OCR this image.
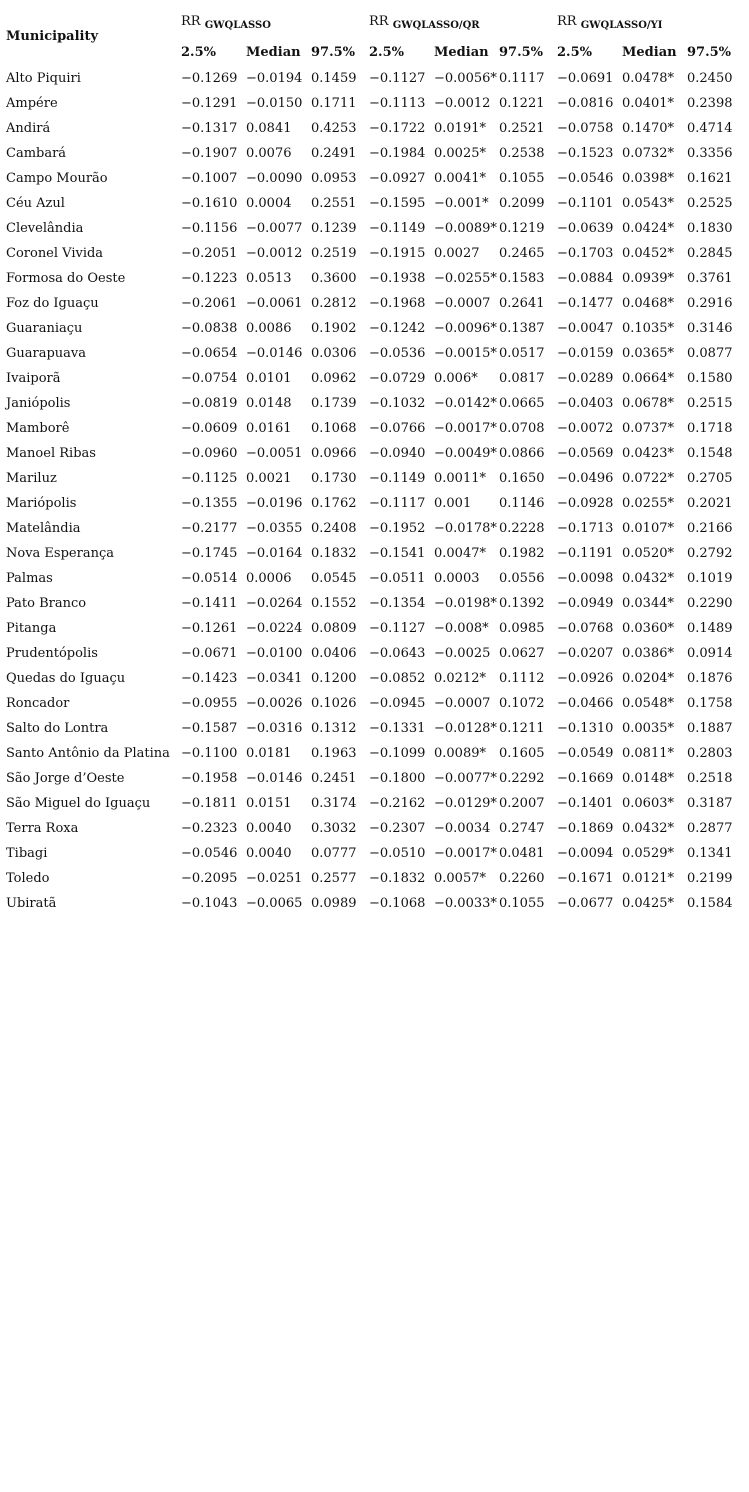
Municipality	RR $_{GWQLASSO}$			RR $_{GWQLASSO/QR}$			RR $_{GWQLASSO/YI}$
	2.5%	Median	97.5%	2.5%	Median	97.5%	2.5%	Median	97.5%
Alto Piquiri	−0.1269	−0.0194	0.1459	−0.1127	−0.0056*	0.1117	−0.0691	0.0478*	0.2450
Ampére	−0.1291	−0.0150	0.1711	−0.1113	−0.0012	0.1221	−0.0816	0.0401*	0.2398
Andirá	−0.1317	0.0841	0.4253	−0.1722	0.0191*	0.2521	−0.0758	0.1470*	0.4714
Cambará	−0.1907	0.0076	0.2491	−0.1984	0.0025*	0.2538	−0.1523	0.0732*	0.3356
Campo Mourão	−0.1007	−0.0090	0.0953	−0.0927	0.0041*	0.1055	−0.0546	0.0398*	0.1621
Céu Azul	−0.1610	0.0004	0.2551	−0.1595	−0.001*	0.2099	−0.1101	0.0543*	0.2525
Clevelândia	−0.1156	−0.0077	0.1239	−0.1149	−0.0089*	0.1219	−0.0639	0.0424*	0.1830
Coronel Vivida	−0.2051	−0.0012	0.2519	−0.1915	0.0027	0.2465	−0.1703	0.0452*	0.2845
Formosa do Oeste	−0.1223	0.0513	0.3600	−0.1938	−0.0255*	0.1583	−0.0884	0.0939*	0.3761
Foz do Iguaçu	−0.2061	−0.0061	0.2812	−0.1968	−0.0007	0.2641	−0.1477	0.0468*	0.2916
Guaraniaçu	−0.0838	0.0086	0.1902	−0.1242	−0.0096*	0.1387	−0.0047	0.1035*	0.3146
Guarapuava	−0.0654	−0.0146	0.0306	−0.0536	−0.0015*	0.0517	−0.0159	0.0365*	0.0877
Ivaiporã	−0.0754	0.0101	0.0962	−0.0729	0.006*	0.0817	−0.0289	0.0664*	0.1580
Janiópolis	−0.0819	0.0148	0.1739	−0.1032	−0.0142*	0.0665	−0.0403	0.0678*	0.2515
Mamborê	−0.0609	0.0161	0.1068	−0.0766	−0.0017*	0.0708	−0.0072	0.0737*	0.1718
Manoel Ribas	−0.0960	−0.0051	0.0966	−0.0940	−0.0049*	0.0866	−0.0569	0.0423*	0.1548
Mariluz	−0.1125	0.0021	0.1730	−0.1149	0.0011*	0.1650	−0.0496	0.0722*	0.2705
Mariópolis	−0.1355	−0.0196	0.1762	−0.1117	0.001	0.1146	−0.0928	0.0255*	0.2021
Matelândia	−0.2177	−0.0355	0.2408	−0.1952	−0.0178*	0.2228	−0.1713	0.0107*	0.2166
Nova Esperança	−0.1745	−0.0164	0.1832	−0.1541	0.0047*	0.1982	−0.1191	0.0520*	0.2792
Palmas	−0.0514	0.0006	0.0545	−0.0511	0.0003	0.0556	−0.0098	0.0432*	0.1019
Pato Branco	−0.1411	−0.0264	0.1552	−0.1354	−0.0198*	0.1392	−0.0949	0.0344*	0.2290
Pitanga	−0.1261	−0.0224	0.0809	−0.1127	−0.008*	0.0985	−0.0768	0.0360*	0.1489
Prudentópolis	−0.0671	−0.0100	0.0406	−0.0643	−0.0025	0.0627	−0.0207	0.0386*	0.0914
Quedas do Iguaçu	−0.1423	−0.0341	0.1200	−0.0852	0.0212*	0.1112	−0.0926	0.0204*	0.1876
Roncador	−0.0955	−0.0026	0.1026	−0.0945	−0.0007	0.1072	−0.0466	0.0548*	0.1758
Salto do Lontra	−0.1587	−0.0316	0.1312	−0.1331	−0.0128*	0.1211	−0.1310	0.0035*	0.1887
Santo Antônio da Platina	−0.1100	0.0181	0.1963	−0.1099	0.0089*	0.1605	−0.0549	0.0811*	0.2803
São Jorge d’Oeste	−0.1958	−0.0146	0.2451	−0.1800	−0.0077*	0.2292	−0.1669	0.0148*	0.2518
São Miguel do Iguaçu	−0.1811	0.0151	0.3174	−0.2162	−0.0129*	0.2007	−0.1401	0.0603*	0.3187
Terra Roxa	−0.2323	0.0040	0.3032	−0.2307	−0.0034	0.2747	−0.1869	0.0432*	0.2877
Tibagi	−0.0546	0.0040	0.0777	−0.0510	−0.0017*	0.0481	−0.0094	0.0529*	0.1341
Toledo	−0.2095	−0.0251	0.2577	−0.1832	0.0057*	0.2260	−0.1671	0.0121*	0.2199
Ubiratã	−0.1043	−0.0065	0.0989	−0.1068	−0.0033*	0.1055	−0.0677	0.0425*	0.1584
